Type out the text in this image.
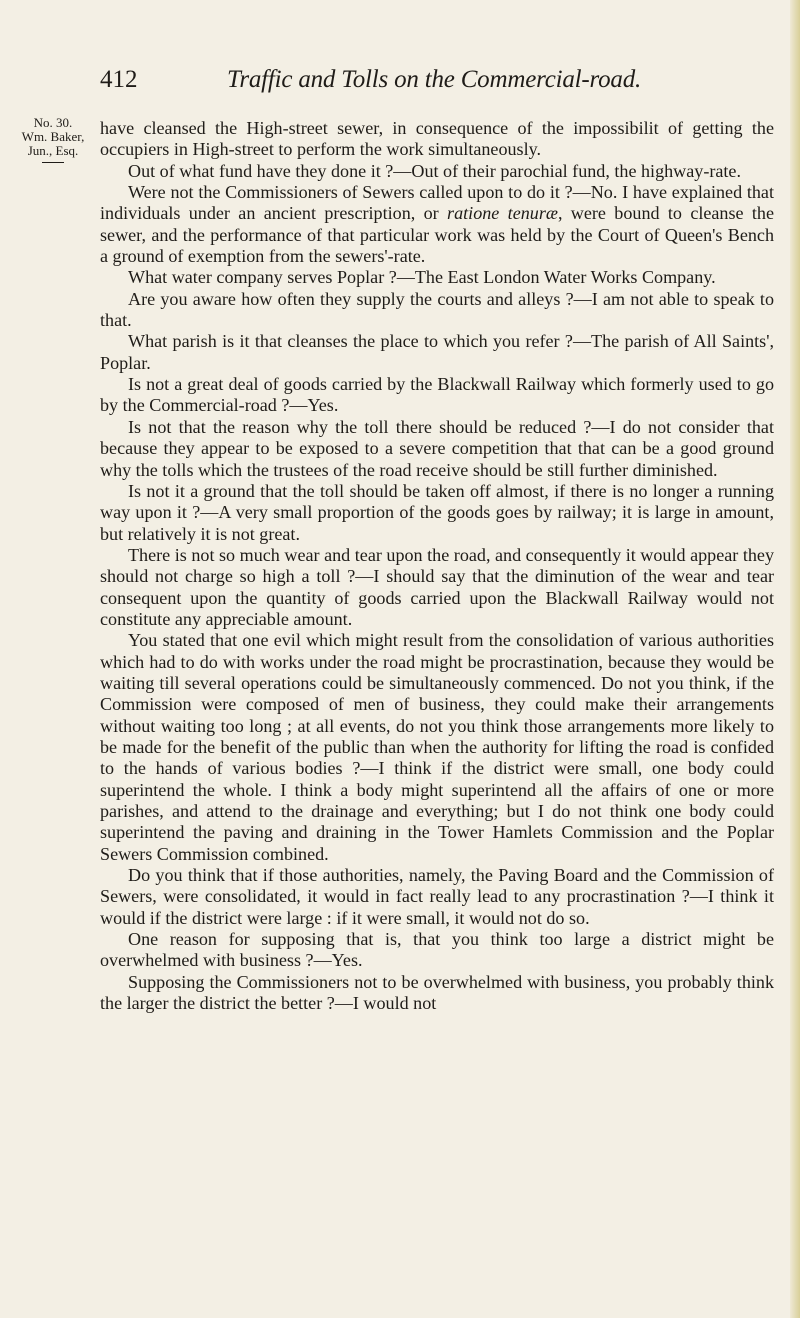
412	Traffic and Tolls on the Commercial-road.
No. 30.
Wm. Baker,
Jun., Esq.

have cleansed the High-street sewer, in consequence of the impossibilit of getting the occupiers in High-street to perform the work simultaneously.

Out of what fund have they done it ?—Out of their parochial fund, the highway-rate.

Were not the Commissioners of Sewers called upon to do it ?—No. I have explained that individuals under an ancient prescription, or ratione tenuræ, were bound to cleanse the sewer, and the performance of that particular work was held by the Court of Queen's Bench a ground of exemption from the sewers'-rate.

What water company serves Poplar ?—The East London Water Works Company.

Are you aware how often they supply the courts and alleys ?—I am not able to speak to that.

What parish is it that cleanses the place to which you refer ?—The parish of All Saints', Poplar.

Is not a great deal of goods carried by the Blackwall Railway which formerly used to go by the Commercial-road ?—Yes.

Is not that the reason why the toll there should be reduced ?—I do not consider that because they appear to be exposed to a severe competition that that can be a good ground why the tolls which the trustees of the road receive should be still further diminished.

Is not it a ground that the toll should be taken off almost, if there is no longer a running way upon it ?—A very small proportion of the goods goes by railway; it is large in amount, but relatively it is not great.

There is not so much wear and tear upon the road, and consequently it would appear they should not charge so high a toll ?—I should say that the diminution of the wear and tear consequent upon the quantity of goods carried upon the Blackwall Railway would not constitute any appreciable amount.

You stated that one evil which might result from the consolidation of various authorities which had to do with works under the road might be procrastination, because they would be waiting till several operations could be simultaneously commenced. Do not you think, if the Commission were composed of men of business, they could make their arrangements without waiting too long ; at all events, do not you think those arrangements more likely to be made for the benefit of the public than when the authority for lifting the road is confided to the hands of various bodies ?—I think if the district were small, one body could superintend the whole. I think a body might superintend all the affairs of one or more parishes, and attend to the drainage and everything; but I do not think one body could superintend the paving and draining in the Tower Hamlets Commission and the Poplar Sewers Commission combined.

Do you think that if those authorities, namely, the Paving Board and the Commission of Sewers, were consolidated, it would in fact really lead to any procrastination ?—I think it would if the district were large : if it were small, it would not do so.

One reason for supposing that is, that you think too large a district might be overwhelmed with business ?—Yes.

Supposing the Commissioners not to be overwhelmed with business, you probably think the larger the district the better ?—I would not
